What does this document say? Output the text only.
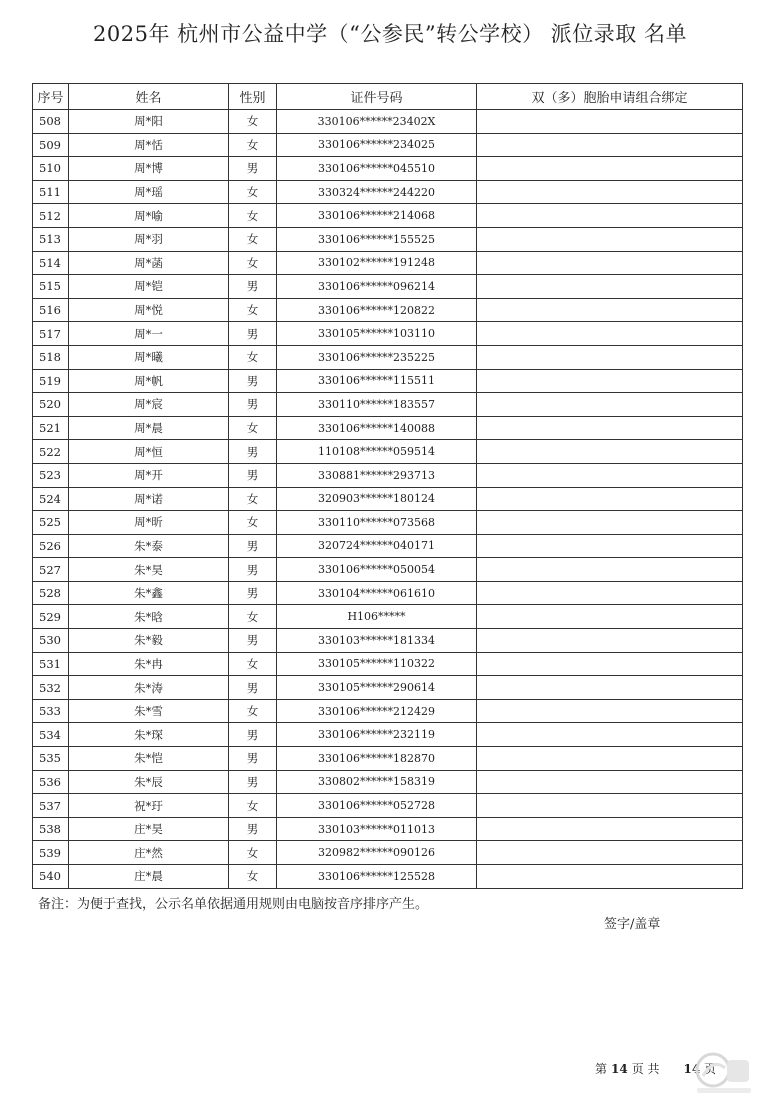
2025年 杭州市公益中学（“公参民”转公学校） 派位录取 名单
序号	姓名	性别	证件号码	双（多）胞胎申请组合绑定
508	周*阳	女	330106******23402X	
509	周*恬	女	330106******234025	
510	周*博	男	330106******045510	
511	周*瑶	女	330324******244220	
512	周*喻	女	330106******214068	
513	周*羽	女	330106******155525	
514	周*菡	女	330102******191248	
515	周*铠	男	330106******096214	
516	周*悦	女	330106******120822	
517	周*一	男	330105******103110	
518	周*曦	女	330106******235225	
519	周*帆	男	330106******115511	
520	周*宸	男	330110******183557	
521	周*晨	女	330106******140088	
522	周*恒	男	110108******059514	
523	周*开	男	330881******293713	
524	周*诺	女	320903******180124	
525	周*昕	女	330110******073568	
526	朱*泰	男	320724******040171	
527	朱*昊	男	330106******050054	
528	朱*鑫	男	330104******061610	
529	朱*晗	女	H106*****	
530	朱*毅	男	330103******181334	
531	朱*冉	女	330105******110322	
532	朱*涛	男	330105******290614	
533	朱*雪	女	330106******212429	
534	朱*琛	男	330106******232119	
535	朱*恺	男	330106******182870	
536	朱*辰	男	330802******158319	
537	祝*玗	女	330106******052728	
538	庄*昊	男	330103******011013	
539	庄*然	女	320982******090126	
540	庄*晨	女	330106******125528	
备注：为便于查找，公示名单依据通用规则由电脑按音序排序产生。
签字/盖章
第 14 页 共 14 页
